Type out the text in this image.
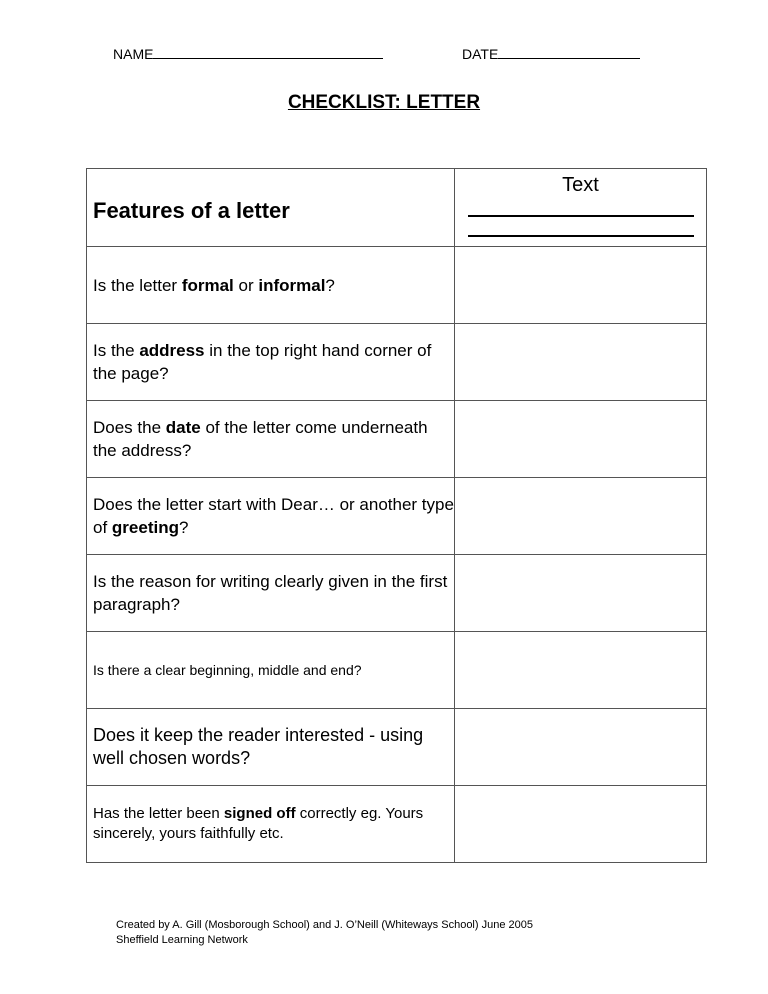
NAME	DATE
CHECKLIST: LETTER
Features of a letter	Text

Is the letter formal or informal?	

Is the address in the top right hand corner of the page?	

Does the date of the letter come underneath the address?	

Does the letter start with Dear… or another type of greeting?	

Is the reason for writing clearly given in the first paragraph?	

Is there a clear beginning, middle and end?	

Does it keep the reader interested - using well chosen words?	

Has the letter been signed off correctly eg. Yours sincerely, yours faithfully etc.	

Created by A. Gill (Mosborough School) and J. O’Neill (Whiteways School) June 2005
Sheffield Learning Network
